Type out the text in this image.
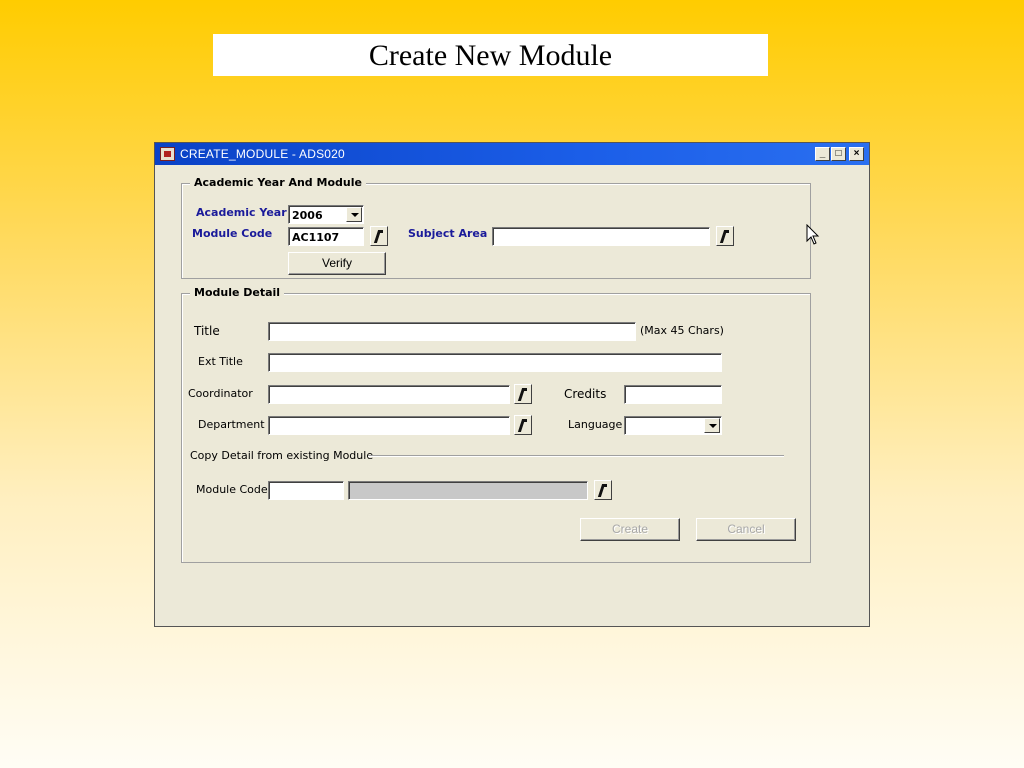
Create New Module
CREATE_MODULE - ADS020	_	□	×
Academic Year And Module
Academic Year 2006
Module Code	AC1107	Subject Area
Verify
Module Detail
Title	(Max 45 Chars)
Ext Title
Coordinator	Credits
Department	Language
Copy Detail from existing Module
Module Code
Create	Cancel
